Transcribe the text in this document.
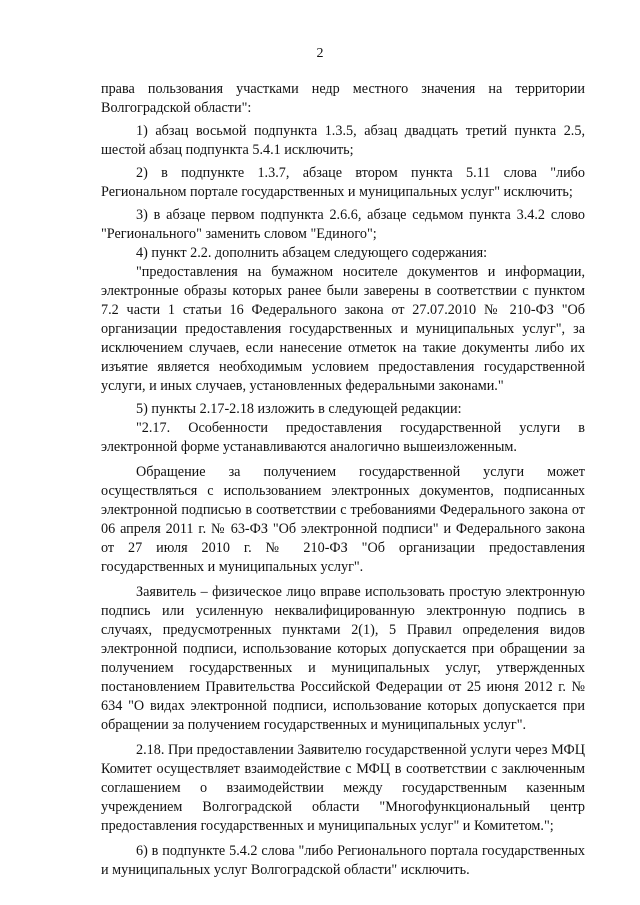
2

права пользования участками недр местного значения на территории Волгоградской области":

1) абзац восьмой подпункта 1.3.5, абзац двадцать третий пункта 2.5, шестой абзац подпункта 5.4.1 исключить;

2) в подпункте 1.3.7, абзаце втором пункта 5.11 слова "либо Региональном портале государственных и муниципальных услуг" исключить;

3) в абзаце первом подпункта 2.6.6, абзаце седьмом пункта 3.4.2 слово "Регионального" заменить словом "Единого";

4) пункт 2.2. дополнить абзацем следующего содержания:

"предоставления на бумажном носителе документов и информации, электронные образы которых ранее были заверены в соответствии с пунктом 7.2 части 1 статьи 16 Федерального закона от 27.07.2010 № 210-ФЗ "Об организации предоставления государственных и муниципальных услуг", за исключением случаев, если нанесение отметок на такие документы либо их изъятие является необходимым условием предоставления государственной услуги, и иных случаев, установленных федеральными законами."

5) пункты 2.17-2.18 изложить в следующей редакции:

"2.17. Особенности предоставления государственной услуги в электронной форме устанавливаются аналогично вышеизложенным.

Обращение за получением государственной услуги может осуществляться с использованием электронных документов, подписанных электронной подписью в соответствии с требованиями Федерального закона от 06 апреля 2011 г. № 63-ФЗ "Об электронной подписи" и Федерального закона от 27 июля 2010 г. № 210-ФЗ "Об организации предоставления государственных и муниципальных услуг".

Заявитель – физическое лицо вправе использовать простую электронную подпись или усиленную неквалифицированную электронную подпись в случаях, предусмотренных пунктами 2(1), 5 Правил определения видов электронной подписи, использование которых допускается при обращении за получением государственных и муниципальных услуг, утвержденных постановлением Правительства Российской Федерации от 25 июня 2012 г. № 634 "О видах электронной подписи, использование которых допускается при обращении за получением государственных и муниципальных услуг".

2.18. При предоставлении Заявителю государственной услуги через МФЦ Комитет осуществляет взаимодействие с МФЦ в соответствии с заключенным соглашением о взаимодействии между государственным казенным учреждением Волгоградской области "Многофункциональный центр предоставления государственных и муниципальных услуг" и Комитетом.";

6) в подпункте 5.4.2 слова "либо Регионального портала государственных и муниципальных услуг Волгоградской области" исключить.
